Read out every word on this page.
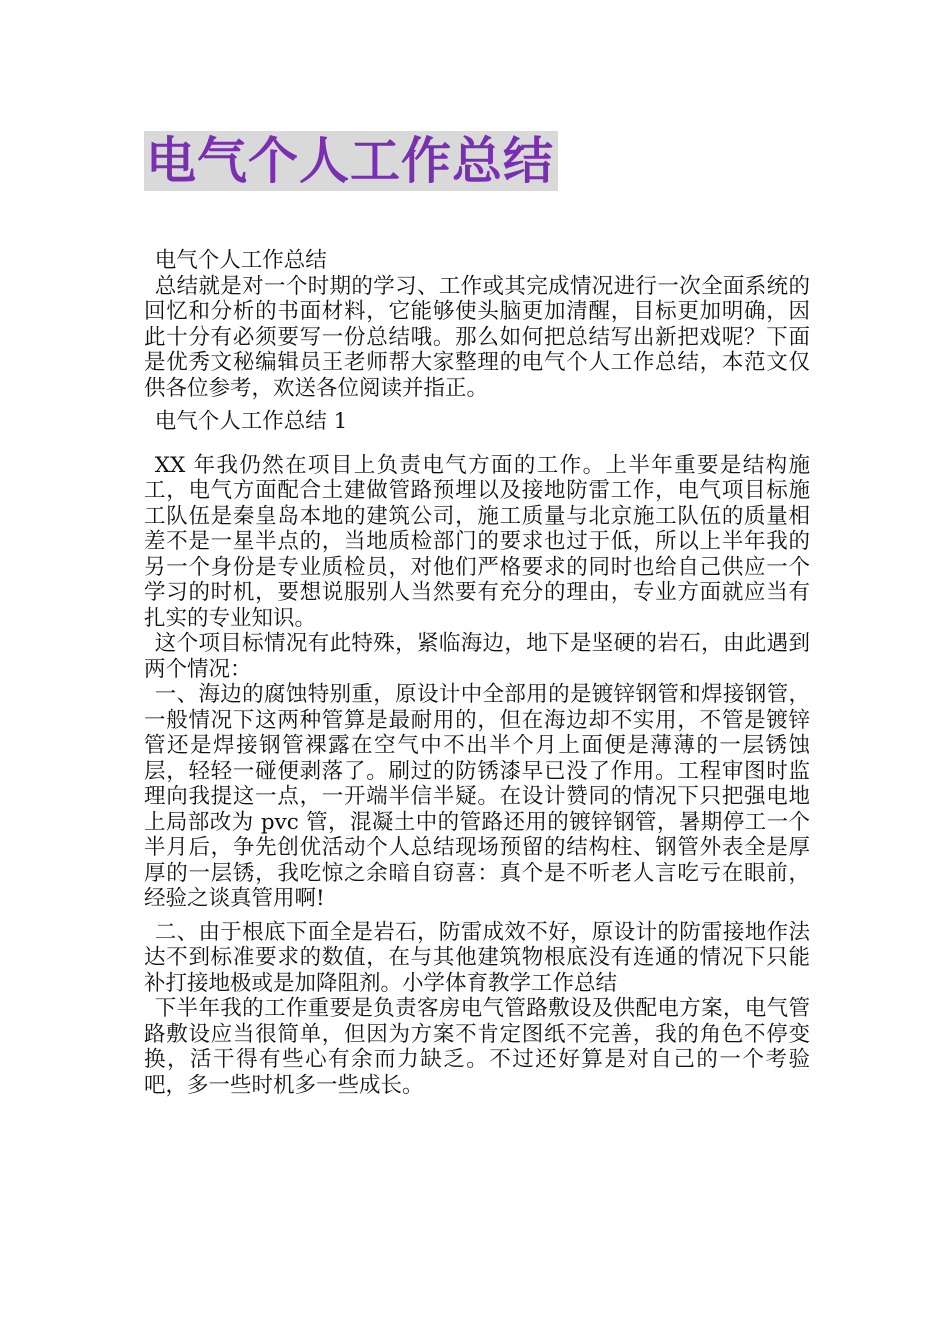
电气个人工作总结

电气个人工作总结

总结就是对一个时期的学习、工作或其完成情况进行一次全面系统的回忆和分析的书面材料，它能够使头脑更加清醒，目标更加明确，因此十分有必须要写一份总结哦。那么如何把总结写出新把戏呢？下面是优秀文秘编辑员王老师帮大家整理的电气个人工作总结，本范文仅供各位参考，欢送各位阅读并指正。

电气个人工作总结 1

XX 年我仍然在项目上负责电气方面的工作。上半年重要是结构施工，电气方面配合土建做管路预埋以及接地防雷工作，电气项目标施工队伍是秦皇岛本地的建筑公司，施工质量与北京施工队伍的质量相差不是一星半点的，当地质检部门的要求也过于低，所以上半年我的另一个身份是专业质检员，对他们严格要求的同时也给自己供应一个学习的时机，要想说服别人当然要有充分的理由，专业方面就应当有扎实的专业知识。

这个项目标情况有此特殊，紧临海边，地下是坚硬的岩石，由此遇到两个情况：

一、海边的腐蚀特别重，原设计中全部用的是镀锌钢管和焊接钢管，一般情况下这两种管算是最耐用的，但在海边却不实用，不管是镀锌管还是焊接钢管裸露在空气中不出半个月上面便是薄薄的一层锈蚀层，轻轻一碰便剥落了。刷过的防锈漆早已没了作用。工程审图时监理向我提这一点，一开端半信半疑。在设计赞同的情况下只把强电地上局部改为 pvc 管，混凝土中的管路还用的镀锌钢管，暑期停工一个半月后，争先创优活动个人总结现场预留的结构柱、钢管外表全是厚厚的一层锈，我吃惊之余暗自窃喜：真个是不听老人言吃亏在眼前，经验之谈真管用啊!

二、由于根底下面全是岩石，防雷成效不好，原设计的防雷接地作法达不到标准要求的数值，在与其他建筑物根底没有连通的情况下只能补打接地极或是加降阻剂。小学体育教学工作总结

下半年我的工作重要是负责客房电气管路敷设及供配电方案，电气管路敷设应当很简单，但因为方案不肯定图纸不完善，我的角色不停变换，活干得有些心有余而力缺乏。不过还好算是对自己的一个考验吧，多一些时机多一些成长。
